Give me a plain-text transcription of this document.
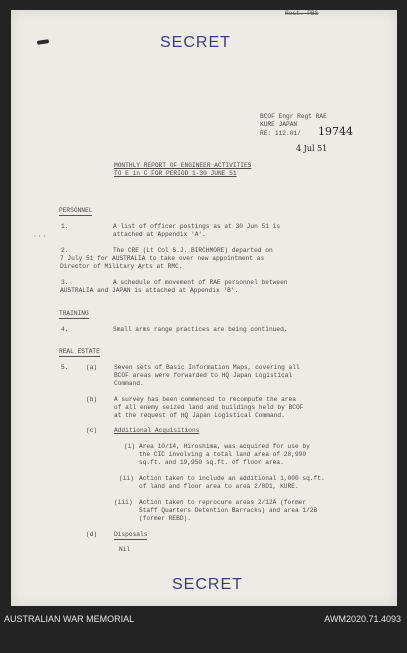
Rest. PBS
SECRET
BCOF Engr Regt RAE
KURE JAPAN
RE: 112.01/ 19744
4 Jul 51
MONTHLY REPORT OF ENGINEER ACTIVITIES
TO E in C FOR PERIOD 1-30 JUNE 51
PERSONNEL
1.
···
A list of officer postings as at 30 Jun 51 is
attached at Appendix 'A'.
2.	The CRE (Lt Col S.J. BIRCHMORE) departed on
7 July 51 for AUSTRALIA to take over new appointment as
Director of Military Arts at RMC.
3.	A schedule of movement of RAE personnel between
AUSTRALIA and JAPAN is attached at Appendix 'B'.
TRAINING
4.	Small arms range practices are being continued.
REAL ESTATE
5.	(a)	Seven sets of Basic Information Maps, covering all
BCOF areas were forwarded to HQ Japan Logistical
Command.
(b)	A survey has been commenced to recompute the area
of all enemy seized land and buildings held by BCOF
at the request of HQ Japan Logistical Command.
(c)	Additional Acquisitions
(i) Area 10/14, Hiroshima, was acquired for use by
the CIC involving a total land area of 28,990
sq.ft. and 19,950 sq.ft. of floor area.
(ii) Action taken to include an additional 1,000 sq.ft.
of land and floor area to area 2/8D1, KURE.
(iii) Action taken to reprocure areas 2/12A (former
Staff Quarters Detention Barracks) and area 1/2B
(former REBD).
(d)	Disposals
Nil
SECRET
AUSTRALIAN WAR MEMORIAL	AWM2020.71.4093
